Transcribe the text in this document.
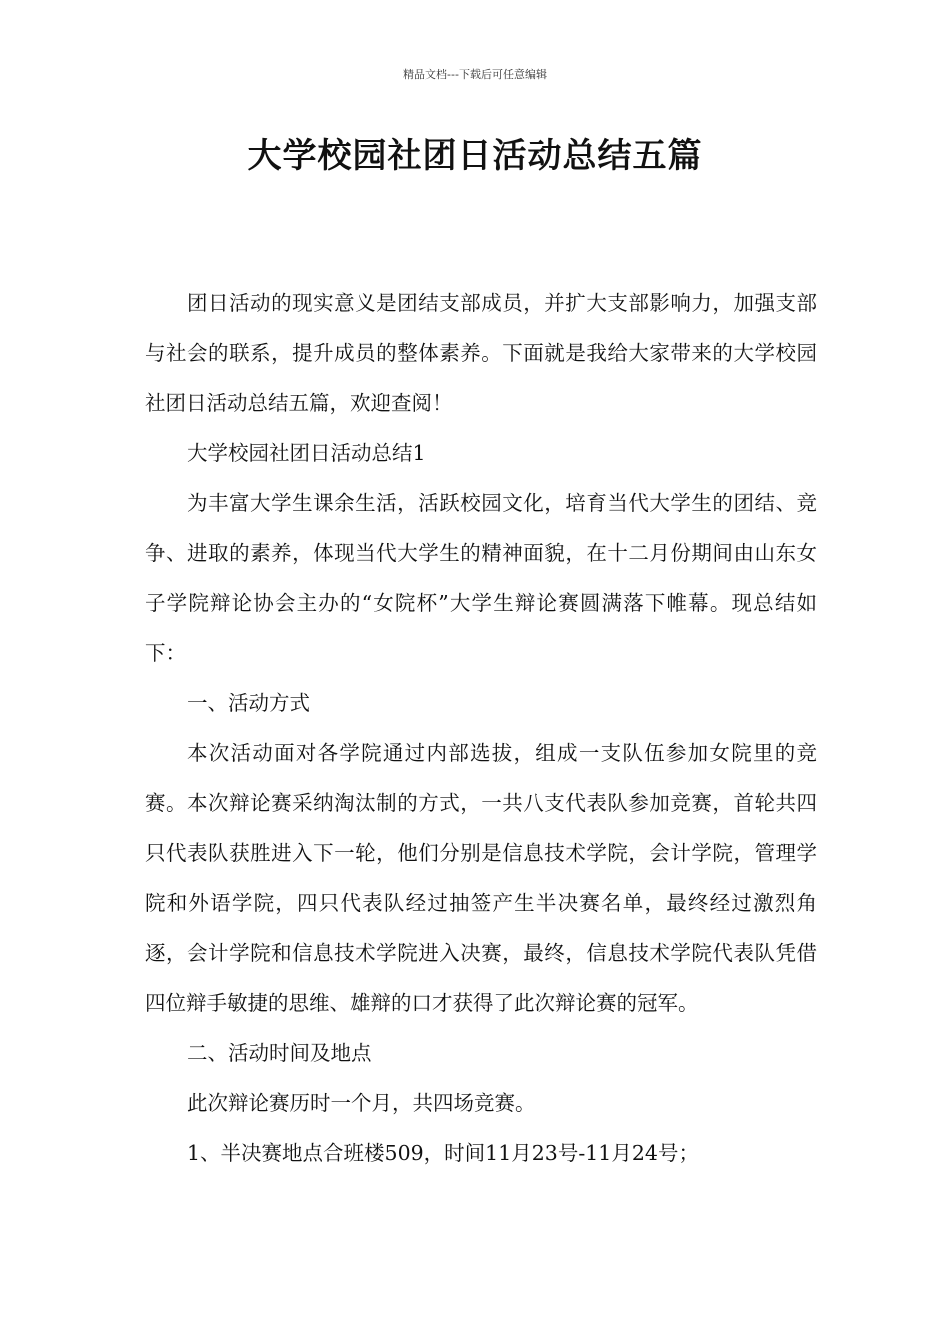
精品文档---下载后可任意编辑
大学校园社团日活动总结五篇

团日活动的现实意义是团结支部成员，并扩大支部影响力，加强支部与社会的联系，提升成员的整体素养。下面就是我给大家带来的大学校园社团日活动总结五篇，欢迎查阅！

大学校园社团日活动总结1

为丰富大学生课余生活，活跃校园文化，培育当代大学生的团结、竞争、进取的素养，体现当代大学生的精神面貌，在十二月份期间由山东女子学院辩论协会主办的“女院杯”大学生辩论赛圆满落下帷幕。现总结如下：

一、活动方式

本次活动面对各学院通过内部选拔，组成一支队伍参加女院里的竞赛。本次辩论赛采纳淘汰制的方式，一共八支代表队参加竞赛，首轮共四只代表队获胜进入下一轮，他们分别是信息技术学院，会计学院，管理学院和外语学院，四只代表队经过抽签产生半决赛名单，最终经过激烈角逐，会计学院和信息技术学院进入决赛，最终，信息技术学院代表队凭借四位辩手敏捷的思维、雄辩的口才获得了此次辩论赛的冠军。

二、活动时间及地点

此次辩论赛历时一个月，共四场竞赛。

1、半决赛地点合班楼509，时间11月23号-11月24号；
